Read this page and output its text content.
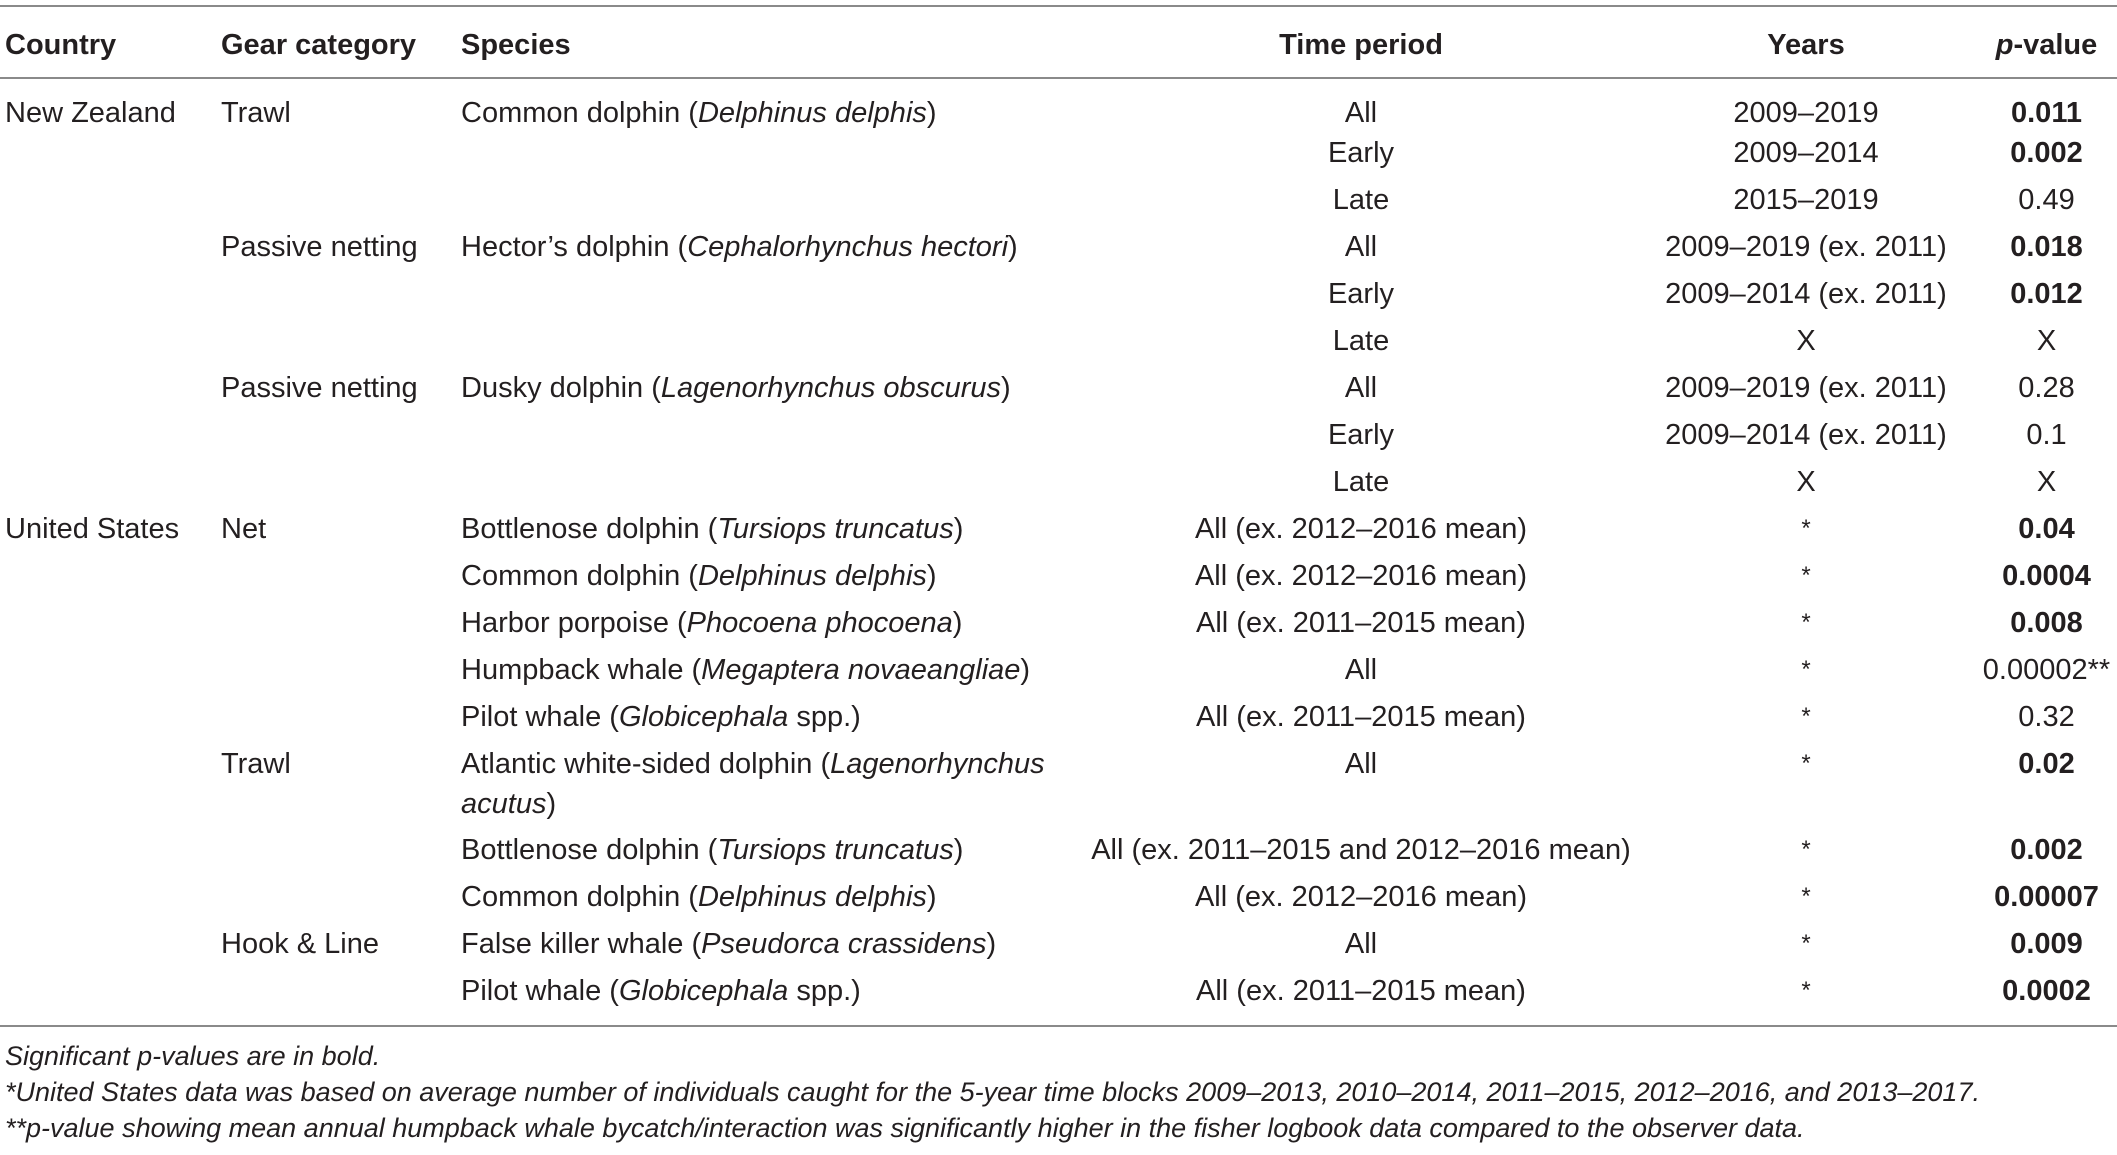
Country	Gear category	Species	Time period	Years	p-value
New Zealand	Trawl	Common dolphin (Delphinus delphis)	All	2009–2019	0.011
			Early	2009–2014	0.002
			Late	2015–2019	0.49
	Passive netting	Hector’s dolphin (Cephalorhynchus hectori)	All	2009–2019 (ex. 2011)	0.018
			Early	2009–2014 (ex. 2011)	0.012
			Late	X	X
	Passive netting	Dusky dolphin (Lagenorhynchus obscurus)	All	2009–2019 (ex. 2011)	0.28
			Early	2009–2014 (ex. 2011)	0.1
			Late	X	X
United States	Net	Bottlenose dolphin (Tursiops truncatus)	All (ex. 2012–2016 mean)	*	0.04
		Common dolphin (Delphinus delphis)	All (ex. 2012–2016 mean)	*	0.0004
		Harbor porpoise (Phocoena phocoena)	All (ex. 2011–2015 mean)	*	0.008
		Humpback whale (Megaptera novaeangliae)	All	*	0.00002**
		Pilot whale (Globicephala spp.)	All (ex. 2011–2015 mean)	*	0.32
	Trawl	Atlantic white-sided dolphin (Lagenorhynchus acutus)	All	*	0.02
		Bottlenose dolphin (Tursiops truncatus)	All (ex. 2011–2015 and 2012–2016 mean)	*	0.002
		Common dolphin (Delphinus delphis)	All (ex. 2012–2016 mean)	*	0.00007
	Hook & Line	False killer whale (Pseudorca crassidens)	All	*	0.009
		Pilot whale (Globicephala spp.)	All (ex. 2011–2015 mean)	*	0.0002
Significant p-values are in bold.
*United States data was based on average number of individuals caught for the 5-year time blocks 2009–2013, 2010–2014, 2011–2015, 2012–2016, and 2013–2017.
**p-value showing mean annual humpback whale bycatch/interaction was significantly higher in the fisher logbook data compared to the observer data.
